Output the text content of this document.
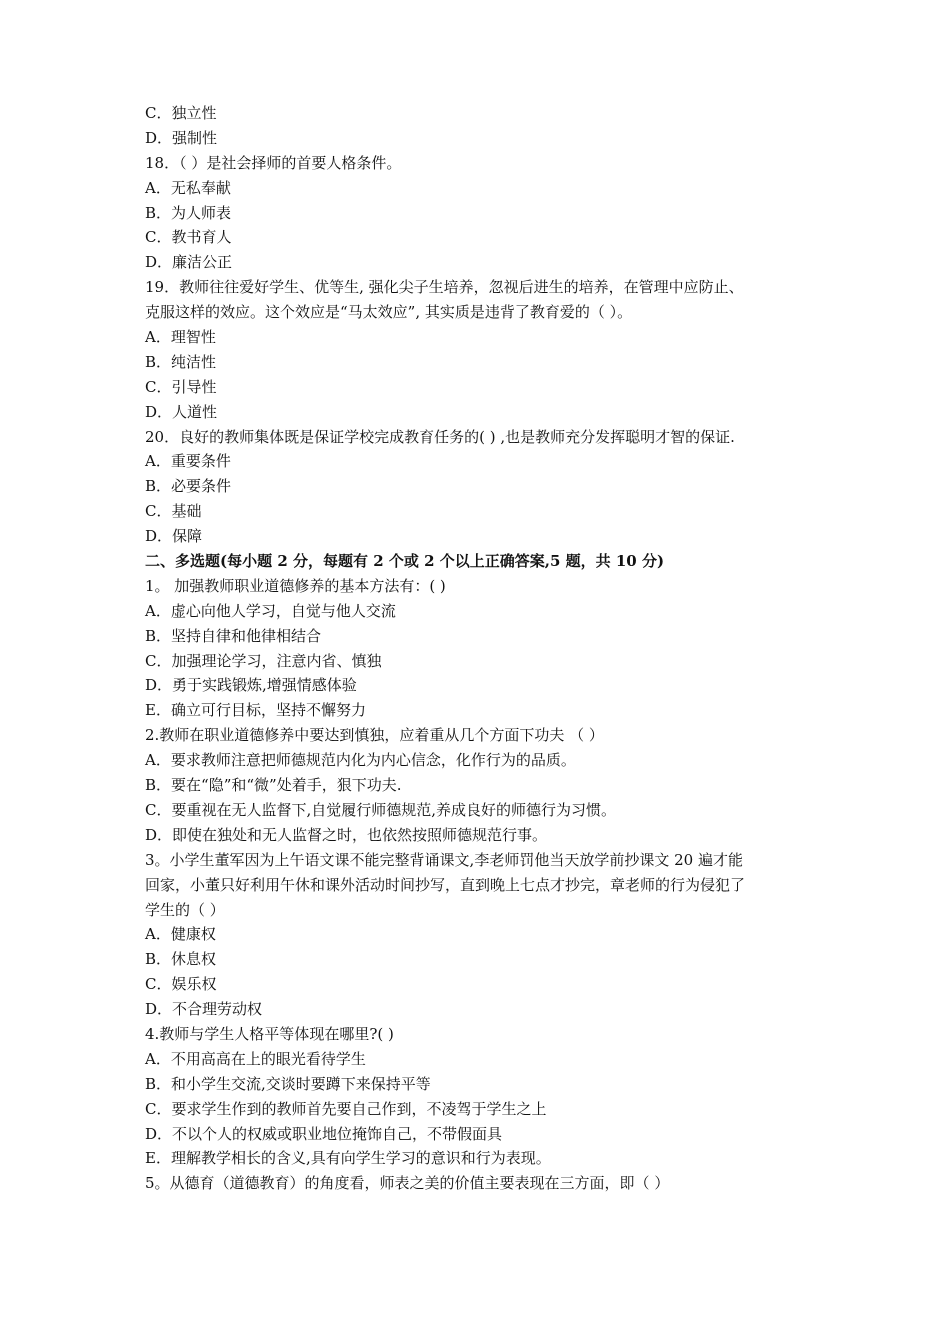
C．独立性
D．强制性
18．（ ）是社会择师的首要人格条件。
A．无私奉献
B．为人师表
C．教书育人
D．廉洁公正
19．教师往往爱好学生、优等生, 强化尖子生培养，忽视后进生的培养，在管理中应防止、
克服这样的效应。这个效应是“马太效应”, 其实质是违背了教育爱的（ ）。
A．理智性
B．纯洁性
C．引导性
D．人道性
20．良好的教师集体既是保证学校完成教育任务的( ) ,也是教师充分发挥聪明才智的保证.
A．重要条件
B．必要条件
C．基础
D．保障
二、多选题(每小题 2 分，每题有 2 个或 2 个以上正确答案,5 题，共 10 分)
1。 加强教师职业道德修养的基本方法有：( )
A．虚心向他人学习，自觉与他人交流
B．坚持自律和他律相结合
C．加强理论学习，注意内省、慎独
D．勇于实践锻炼,增强情感体验
E．确立可行目标，坚持不懈努力
2.教师在职业道德修养中要达到慎独，应着重从几个方面下功夫 （ ）
A．要求教师注意把师德规范内化为内心信念，化作行为的品质。
B．要在“隐”和“微”处着手，狠下功夫.
C．要重视在无人监督下,自觉履行师德规范,养成良好的师德行为习惯。
D．即使在独处和无人监督之时，也依然按照师德规范行事。
3。小学生董军因为上午语文课不能完整背诵课文,李老师罚他当天放学前抄课文 20 遍才能
回家，小董只好利用午休和课外活动时间抄写，直到晚上七点才抄完，章老师的行为侵犯了
学生的（ ）
A．健康权
B．休息权
C．娱乐权
D．不合理劳动权
4.教师与学生人格平等体现在哪里?( )
A．不用高高在上的眼光看待学生
B．和小学生交流,交谈时要蹲下来保持平等
C．要求学生作到的教师首先要自己作到，不凌驾于学生之上
D．不以个人的权威或职业地位掩饰自己，不带假面具
E．理解教学相长的含义,具有向学生学习的意识和行为表现。
5。从德育（道德教育）的角度看，师表之美的价值主要表现在三方面，即（ ）
